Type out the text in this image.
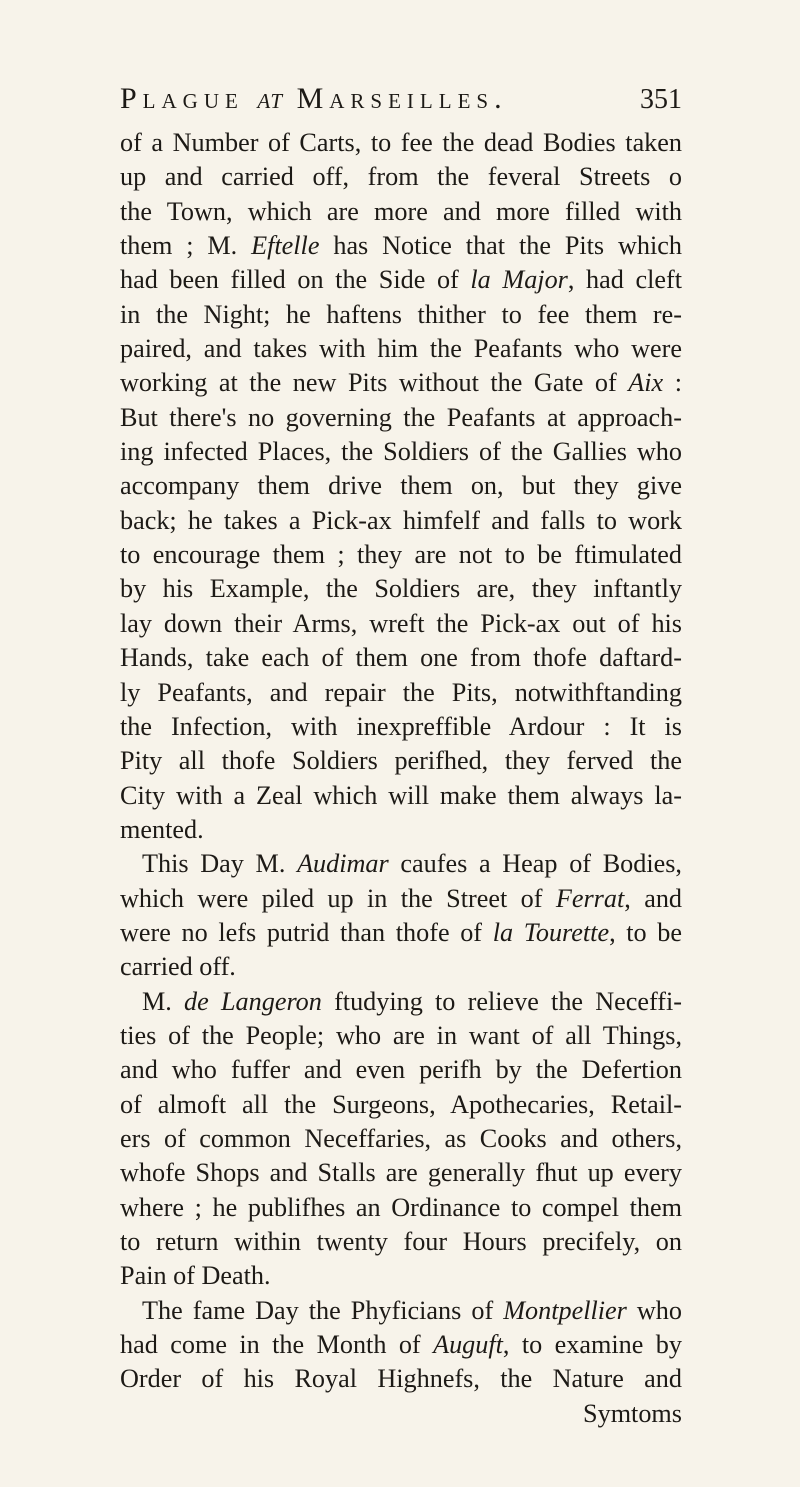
Plague at Marseilles.	351
of a Number of Carts, to fee the dead Bodies taken
up and carried off, from the feveral Streets o
the Town, which are more and more filled with
them ; M. Eftelle has Notice that the Pits which
had been filled on the Side of la Major, had cleft
in the Night; he haftens thither to fee them re-
paired, and takes with him the Peafants who were
working at the new Pits without the Gate of Aix :
But there's no governing the Peafants at approach-
ing infected Places, the Soldiers of the Gallies who
accompany them drive them on, but they give
back; he takes a Pick-ax himfelf and falls to work
to encourage them ; they are not to be ftimulated
by his Example, the Soldiers are, they inftantly
lay down their Arms, wreft the Pick-ax out of his
Hands, take each of them one from thofe daftard-
ly Peafants, and repair the Pits, notwithftanding
the Infection, with inexpreffible Ardour : It is
Pity all thofe Soldiers perifhed, they ferved the
City with a Zeal which will make them always la-
mented.
This Day M. Audimar caufes a Heap of Bodies,
which were piled up in the Street of Ferrat, and
were no lefs putrid than thofe of la Tourette, to be
carried off.
M. de Langeron ftudying to relieve the Neceffi-
ties of the People; who are in want of all Things,
and who fuffer and even perifh by the Defertion
of almoft all the Surgeons, Apothecaries, Retail-
ers of common Neceffaries, as Cooks and others,
whofe Shops and Stalls are generally fhut up every
where ; he publifhes an Ordinance to compel them
to return within twenty four Hours precifely, on
Pain of Death.
The fame Day the Phyficians of Montpellier who
had come in the Month of Auguft, to examine by
Order of his Royal Highnefs, the Nature and
Symtoms
